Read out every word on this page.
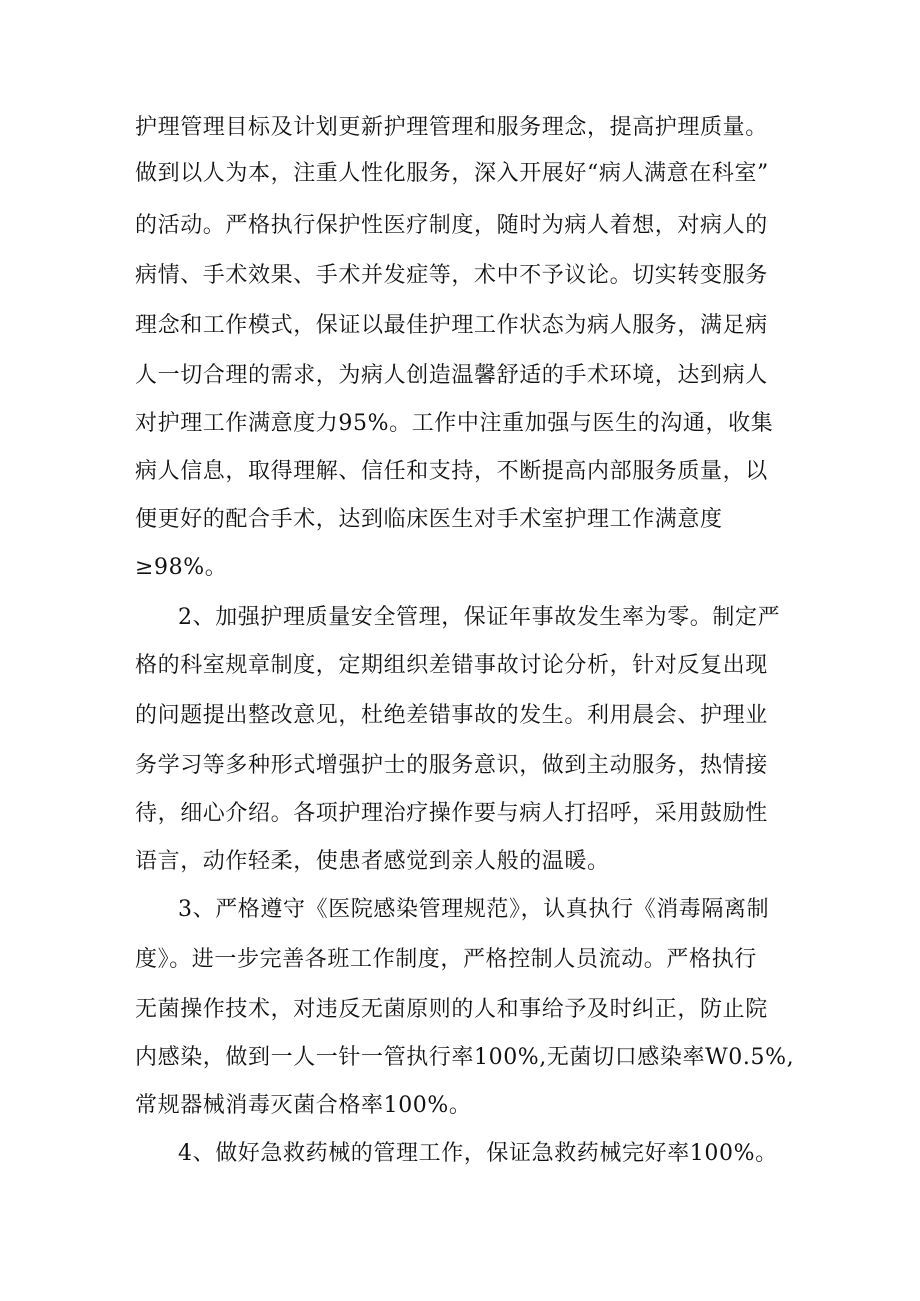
护理管理目标及计划更新护理管理和服务理念，提高护理质量。
做到以人为本，注重人性化服务，深入开展好“病人满意在科室”
的活动。严格执行保护性医疗制度，随时为病人着想，对病人的
病情、手术效果、手术并发症等，术中不予议论。切实转变服务
理念和工作模式，保证以最佳护理工作状态为病人服务，满足病
人一切合理的需求，为病人创造温馨舒适的手术环境，达到病人
对护理工作满意度力95%。工作中注重加强与医生的沟通，收集
病人信息，取得理解、信任和支持，不断提高内部服务质量，以
便更好的配合手术，达到临床医生对手术室护理工作满意度
≥98%。
2、加强护理质量安全管理，保证年事故发生率为零。制定严
格的科室规章制度，定期组织差错事故讨论分析，针对反复出现
的问题提出整改意见，杜绝差错事故的发生。利用晨会、护理业
务学习等多种形式增强护士的服务意识，做到主动服务，热情接
待，细心介绍。各项护理治疗操作要与病人打招呼，采用鼓励性
语言，动作轻柔，使患者感觉到亲人般的温暖。
3、严格遵守《医院感染管理规范》，认真执行《消毒隔离制
度》。进一步完善各班工作制度，严格控制人员流动。严格执行
无菌操作技术，对违反无菌原则的人和事给予及时纠正，防止院
内感染，做到一人一针一管执行率100%,无菌切口感染率W0.5%,
常规器械消毒灭菌合格率100%。
4、做好急救药械的管理工作，保证急救药械完好率100%。
